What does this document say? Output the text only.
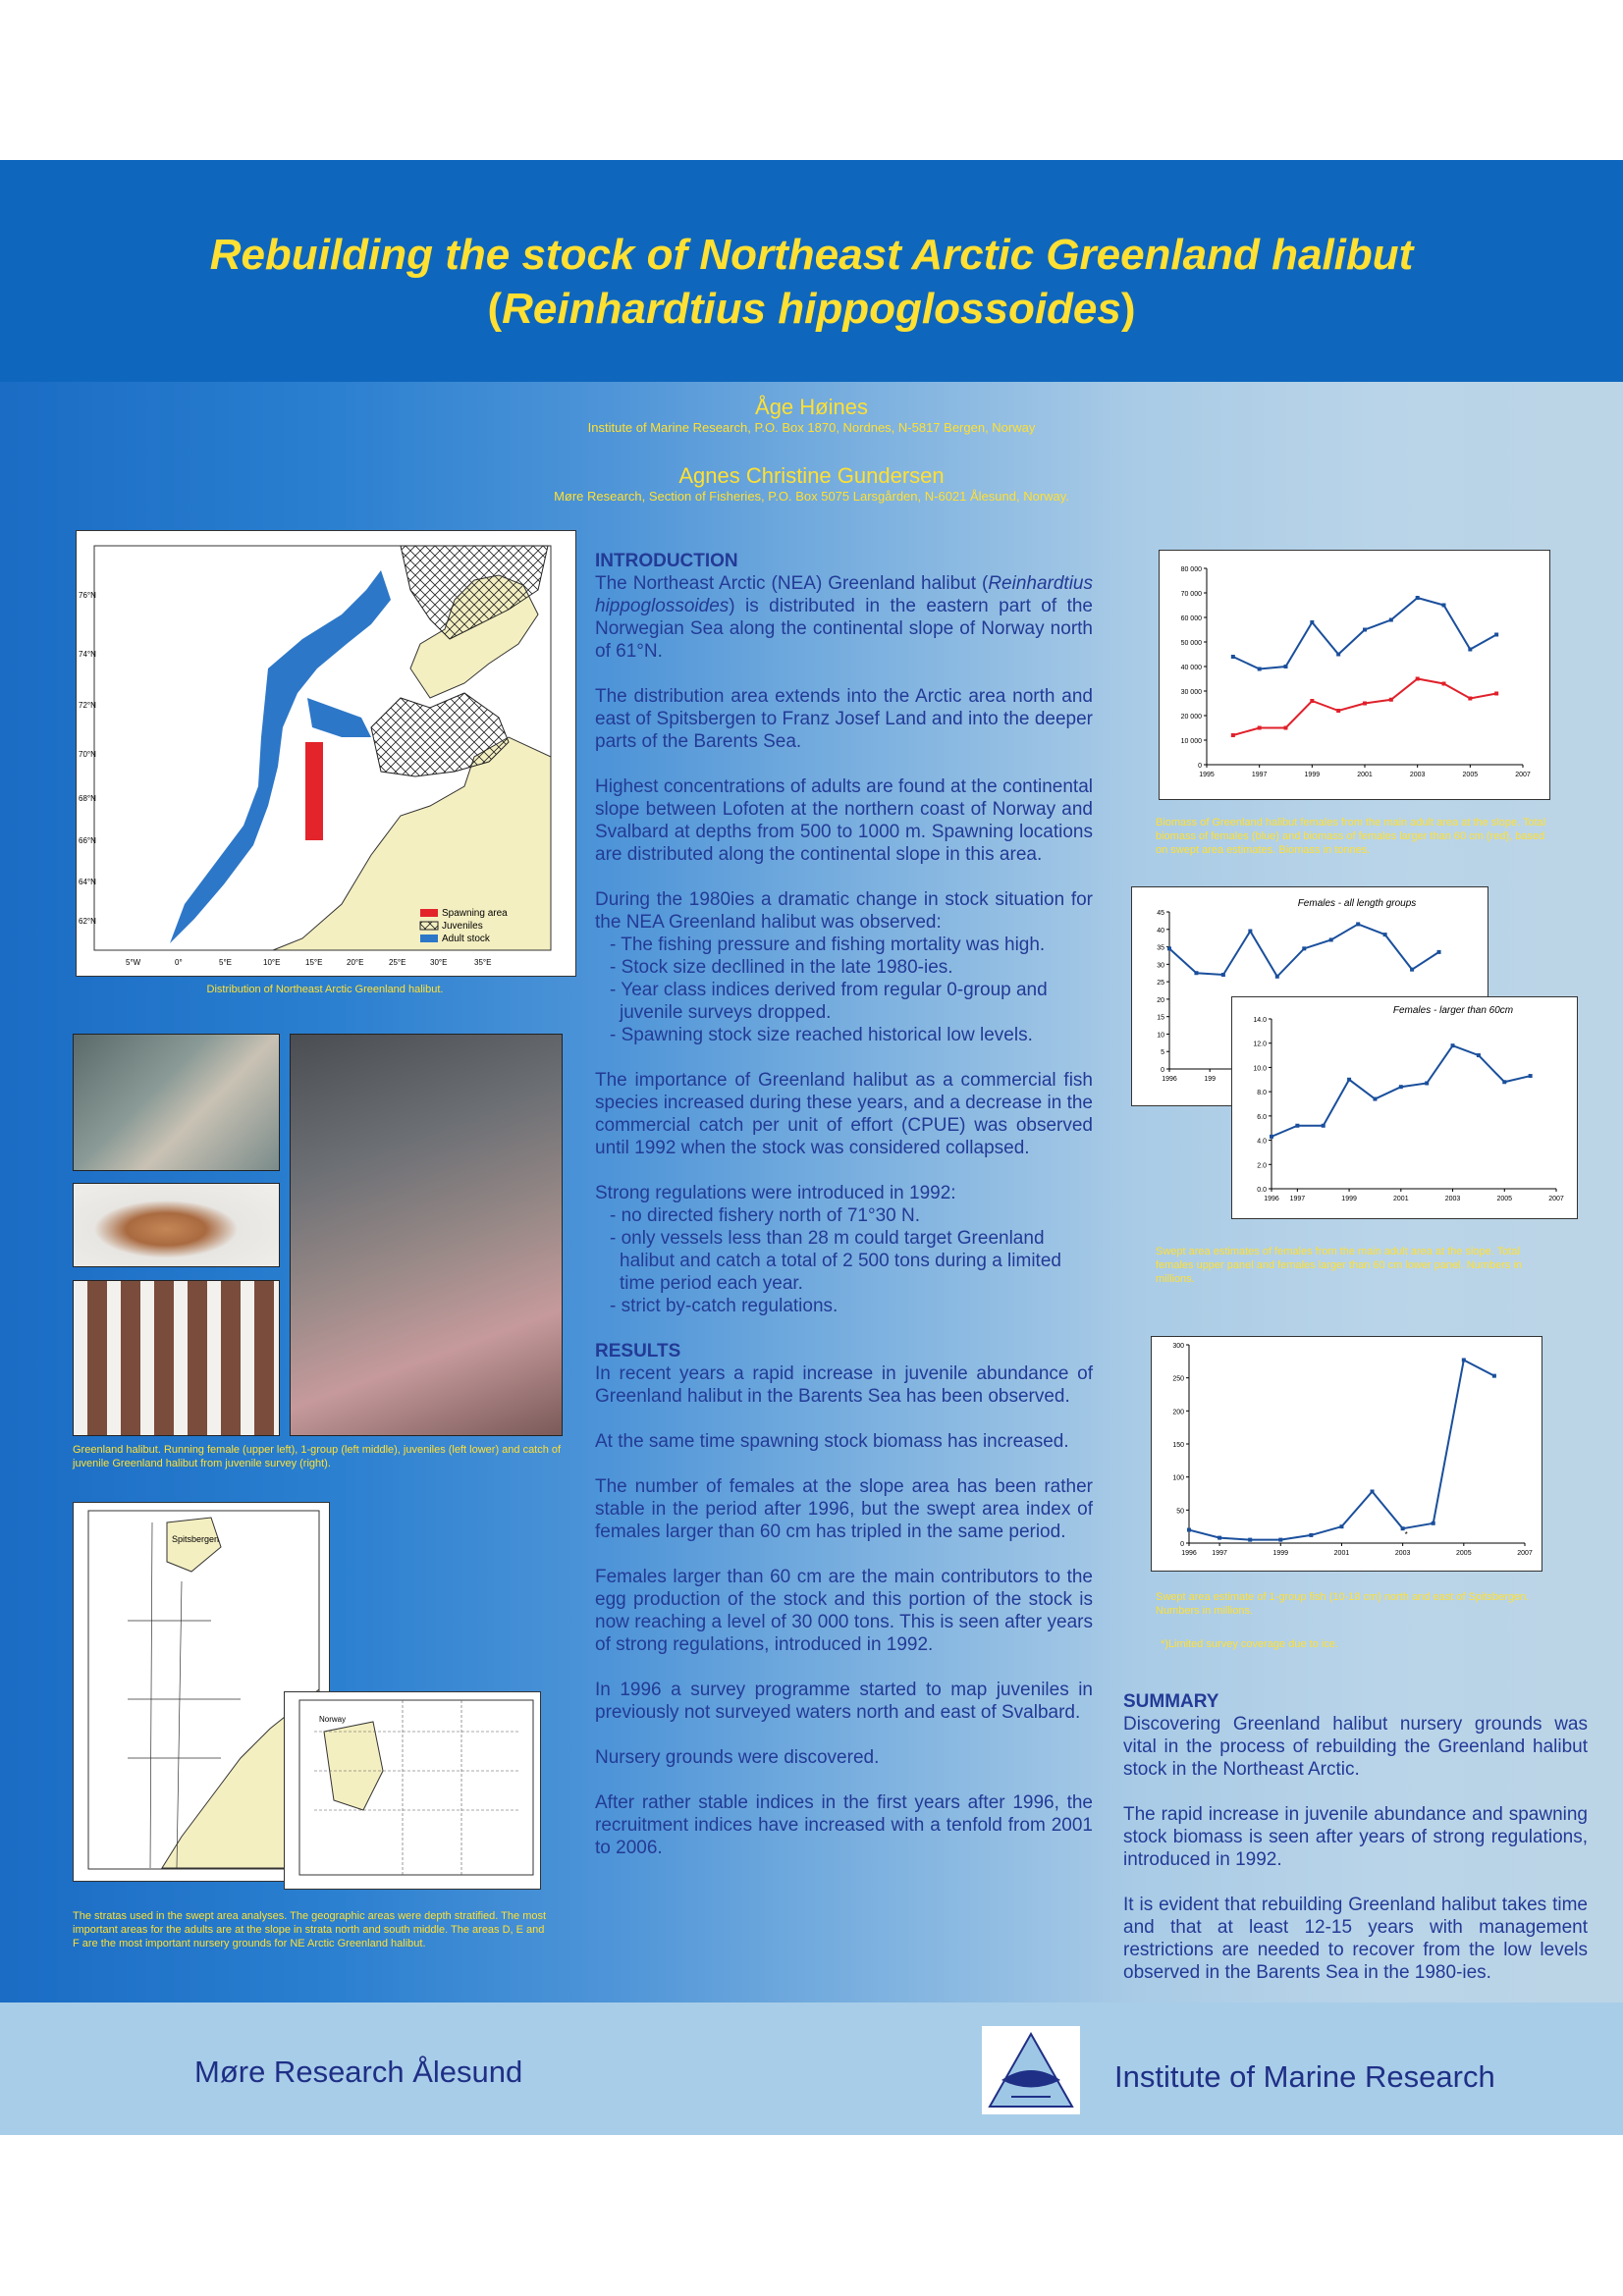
Rebuilding the stock of Northeast Arctic Greenland halibut
(Reinhardtius hippoglossoides)
Åge Høines
Institute of Marine Research, P.O. Box 1870, Nordnes, N-5817 Bergen, Norway
Agnes Christine Gundersen
Møre Research, Section of Fisheries, P.O. Box 5075 Larsgården, N-6021 Ålesund, Norway.
Spawning area
Juveniles
Adult stock
76°N
74°N
72°N
70°N
68°N
66°N
64°N
62°N
5°W	0°	5°E	10°E	15°E	20°E	25°E	30°E	35°E
Distribution of Northeast Arctic Greenland halibut.
Greenland halibut. Running female (upper left), 1-group (left middle), juveniles (left lower) and catch of juvenile Greenland halibut from juvenile survey (right).
Spitsbergen
Norway
The stratas used in the swept area analyses. The geographic areas were depth stratified. The most important areas for the adults are at the slope in strata north and south middle. The areas D, E and F are the most important nursery grounds for NE Arctic Greenland halibut.
INTRODUCTION

The Northeast Arctic (NEA) Greenland halibut (Reinhardtius hippoglossoides) is distributed in the eastern part of the Norwegian Sea along the continental slope of Norway north of 61°N.

The distribution area extends into the Arctic area north and east of Spitsbergen to Franz Josef Land and into the deeper parts of the Barents Sea.

Highest concentrations of adults are found at the continental slope between Lofoten at the northern coast of Norway and Svalbard at depths from 500 to 1000 m. Spawning locations are distributed along the continental slope in this area.

During the 1980ies a dramatic change in stock situation for the NEA Greenland halibut was observed:

- The fishing pressure and fishing mortality was high.
- Stock size decllined in the late 1980-ies.
- Year class indices derived from regular 0-group and juvenile surveys dropped.
- Spawning stock size reached historical low levels.

The importance of Greenland halibut as a commercial fish species increased during these years, and a decrease in the commercial catch per unit of effort (CPUE) was observed until 1992 when the stock was considered collapsed.

Strong regulations were introduced in 1992:

- no directed fishery north of 71°30 N.
- only vessels less than 28 m could target Greenland halibut and catch a total of 2 500 tons during a limited time period each year.
- strict by-catch regulations.
RESULTS

In recent years a rapid increase in juvenile abundance of Greenland halibut in the Barents Sea has been observed.

At the same time spawning stock biomass has increased.

The number of females at the slope area has been rather stable in the period after 1996, but the swept area index of females larger than 60 cm has tripled in the same period.

Females larger than 60 cm are the main contributors to the egg production of the stock and this portion of the stock is now reaching a level of 30 000 tons. This is seen after years of strong regulations, introduced in 1992.

In 1996 a survey programme started to map juveniles in previously not surveyed waters north and east of Svalbard.

Nursery grounds were discovered.

After rather stable indices in the first years after 1996, the recruitment indices have increased with a tenfold from 2001 to 2006.

0
10 000
20 000
30 000
40 000
50 000
60 000
70 000
80 000
1995	1997	1999	2001	2003	2005	2007
Biomass of Greenland halibut females from the main adult area at the slope. Total biomass of females (blue) and biomass of females larger than 60 cm (red), based on swept area estimates. Biomass in tonnes.
0
5
10
15
20
25
30
35
40
45
1996	199
Females - all length groups
0.0
2.0
4.0
6.0
8.0
10.0
12.0
14.0
1996 1997	1999	2001	2003	2005	2007
Females - larger than 60cm
Swept area estimates of females from the main adult area at the slope. Total females upper panel and females larger than 60 cm lower panel. Numbers in millions.
0
50
100
150
200
250
300
1996 1997	1999	2001	2003	2005	2007
*
Swept area estimate of 1-group fish (10-18 cm) north and east of Spitsbergen. Numbers in millions.
*)Limited survey coverage due to ice.
SUMMARY

Discovering Greenland halibut nursery grounds was vital in the process of rebuilding the Greenland halibut stock in the Northeast Arctic.

The rapid increase in juvenile abundance and spawning stock biomass is seen after years of strong regulations, introduced in 1992.

It is evident that rebuilding Greenland halibut takes time and that at least 12-15 years with management restrictions are needed to recover from the low levels observed in the Barents Sea in the 1980-ies.

Møre Research Ålesund	Institute of Marine Research
